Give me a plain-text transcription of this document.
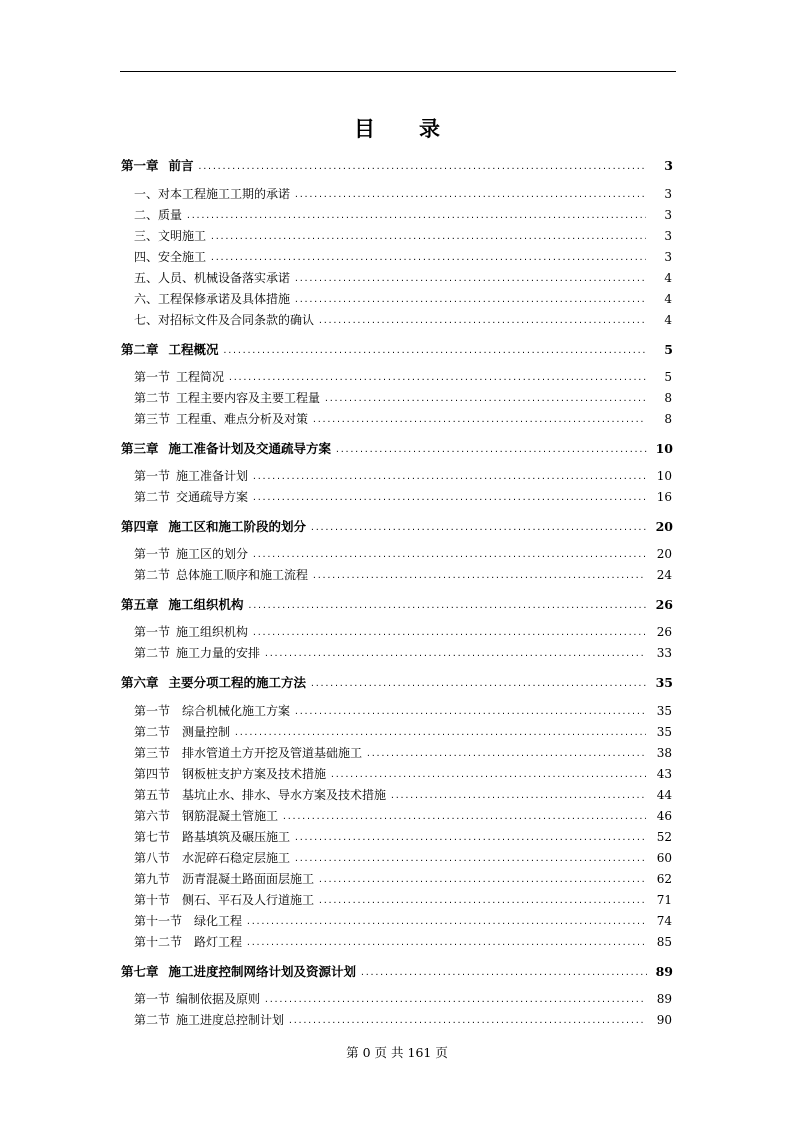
目录
第一章 前言 .....	3
一、对本工程施工工期的承诺 .....	3
二、质量 .....	3
三、文明施工 .....	3
四、安全施工 .....	3
五、人员、机械设备落实承诺 .....	4
六、工程保修承诺及具体措施 .....	4
七、对招标文件及合同条款的确认 .....	4
第二章 工程概况 .....	5
第一节 工程简况 .....	5
第二节 工程主要内容及主要工程量 .....	8
第三节 工程重、难点分析及对策 .....	8
第三章 施工准备计划及交通疏导方案 .....	10
第一节 施工准备计划 .....	10
第二节 交通疏导方案 .....	16
第四章 施工区和施工阶段的划分 .....	20
第一节 施工区的划分 .....	20
第二节 总体施工顺序和施工流程 .....	24
第五章 施工组织机构 .....	26
第一节 施工组织机构 .....	26
第二节 施工力量的安排 .....	33
第六章 主要分项工程的施工方法 .....	35
第一节 综合机械化施工方案 .....	35
第二节 测量控制 .....	35
第三节 排水管道土方开挖及管道基础施工 .....	38
第四节 钢板桩支护方案及技术措施 .....	43
第五节 基坑止水、排水、导水方案及技术措施 .....	44
第六节 钢筋混凝土管施工 .....	46
第七节 路基填筑及碾压施工 .....	52
第八节 水泥碎石稳定层施工 .....	60
第九节 沥青混凝土路面面层施工 .....	62
第十节 侧石、平石及人行道施工 .....	71
第十一节 绿化工程 .....	74
第十二节 路灯工程 .....	85
第七章 施工进度控制网络计划及资源计划 .....	89
第一节 编制依据及原则 .....	89
第二节 施工进度总控制计划 .....	90
第 0 页 共 161 页
